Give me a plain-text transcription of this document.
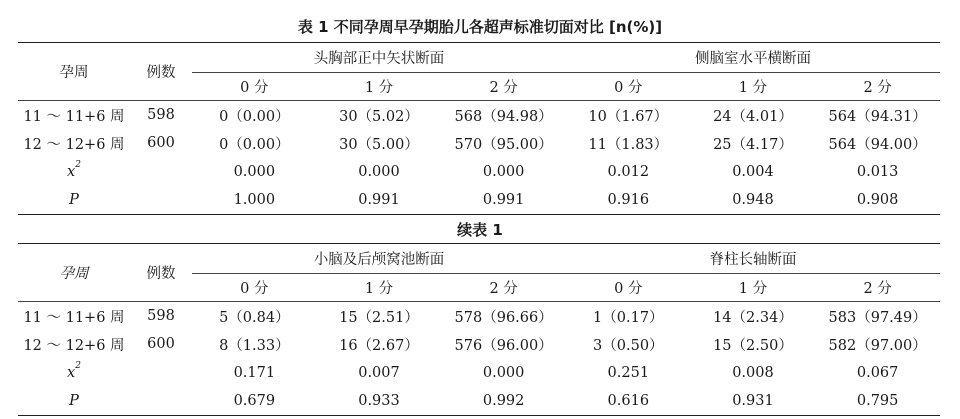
表 1 不同孕周早孕期胎儿各超声标准切面对比 [n(%)]
孕周	例数	头胸部正中矢状断面			侧脑室水平横断面		
		0 分	1 分	2 分	0 分	1 分	2 分
11 ～ 11+6 周	598	0（0.00）	30（5.02）	568（94.98）	10（1.67）	24（4.01）	564（94.31）
12 ～ 12+6 周	600	0（0.00）	30（5.00）	570（95.00）	11（1.83）	25（4.17）	564（94.00）
$x^2$		0.000	0.000	0.000	0.012	0.004	0.013
P		1.000	0.991	0.991	0.916	0.948	0.908
续表 1
孕周	例数	小脑及后颅窝池断面			脊柱长轴断面		
		0 分	1 分	2 分	0 分	1 分	2 分
11 ～ 11+6 周	598	5（0.84）	15（2.51）	578（96.66）	1（0.17）	14（2.34）	583（97.49）
12 ～ 12+6 周	600	8（1.33）	16（2.67）	576（96.00）	3（0.50）	15（2.50）	582（97.00）
$x^2$		0.171	0.007	0.000	0.251	0.008	0.067
P		0.679	0.933	0.992	0.616	0.931	0.795
